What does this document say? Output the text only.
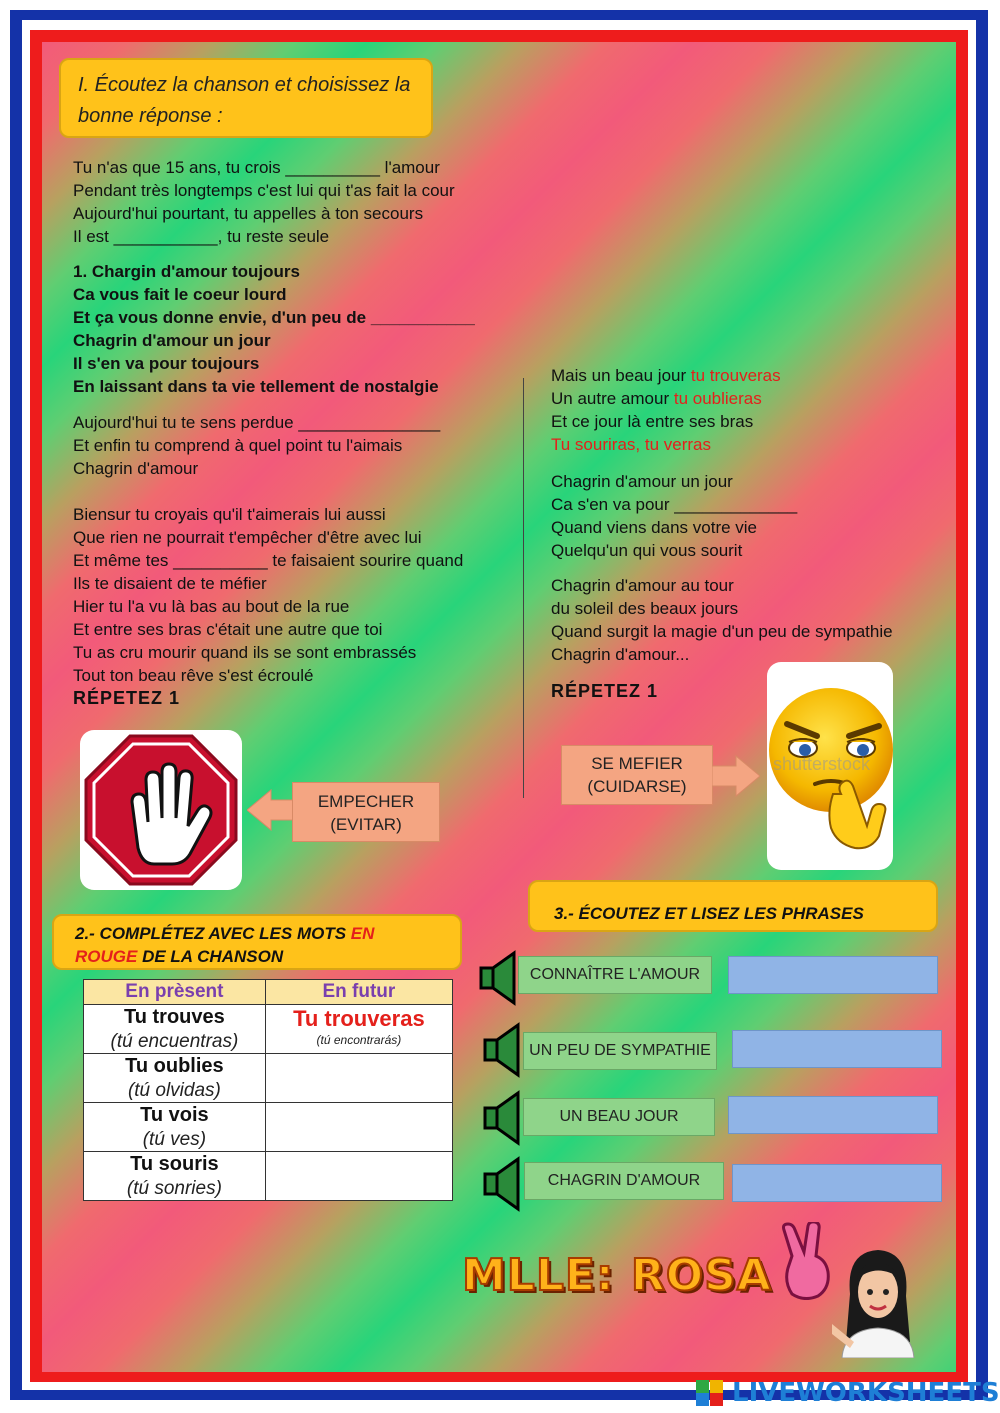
I. Écoutez la chanson et choisissez la
bonne réponse :
Tu n'as que 15 ans, tu crois __________ l'amour
Pendant très longtemps c'est lui qui t'as fait la cour
Aujourd'hui pourtant, tu appelles à ton secours
Il est ___________, tu reste seule
1. Chargin d'amour toujours
Ca vous fait le coeur lourd
Et ça vous donne envie, d'un peu de ___________
Chagrin d'amour un jour
Il s'en va pour toujours
En laissant dans ta vie tellement de nostalgie
Aujourd'hui tu te sens perdue _______________
Et enfin tu comprend à quel point tu l'aimais
Chagrin d'amour
Biensur tu croyais qu'il t'aimerais lui aussi
Que rien ne pourrait t'empêcher d'être avec lui
Et même tes __________ te faisaient sourire quand
Ils te disaient de te méfier
Hier tu l'a vu là bas au bout de la rue
Et entre ses bras c'était une autre que toi
Tu as cru mourir quand ils se sont embrassés
Tout ton beau rêve s'est écroulé
RÉPETEZ 1
Mais un beau jour tu trouveras
Un autre amour tu oublieras
Et ce jour là entre ses bras
Tu souriras, tu verras
Chagrin d'amour un jour
Ca s'en va pour _____________
Quand viens dans votre vie
Quelqu'un qui vous sourit
Chagrin d'amour au tour
du soleil des beaux jours
Quand surgit la magie d'un peu de sympathie
Chagrin d'amour...
RÉPETEZ 1
EMPECHER
(EVITAR)
SE MEFIER
(CUIDARSE)
shutterstock
2.- COMPLÉTEZ AVEC LES MOTS EN
ROUGE DE LA CHANSON
En prèsent	En futur

Tu trouves
(tú encuentras)	Tu trouveras
(tú encontrarás)

Tu oublies
(tú olvidas)	

Tu vois
(tú ves)	

Tu souris
(tú sonries)	

3.- ÉCOUTEZ ET LISEZ LES PHRASES
CONNAÎTRE L'AMOUR
UN PEU DE SYMPATHIE
UN BEAU JOUR
CHAGRIN D'AMOUR
MLLE: ROSA
LIVEWORKSHEETS
